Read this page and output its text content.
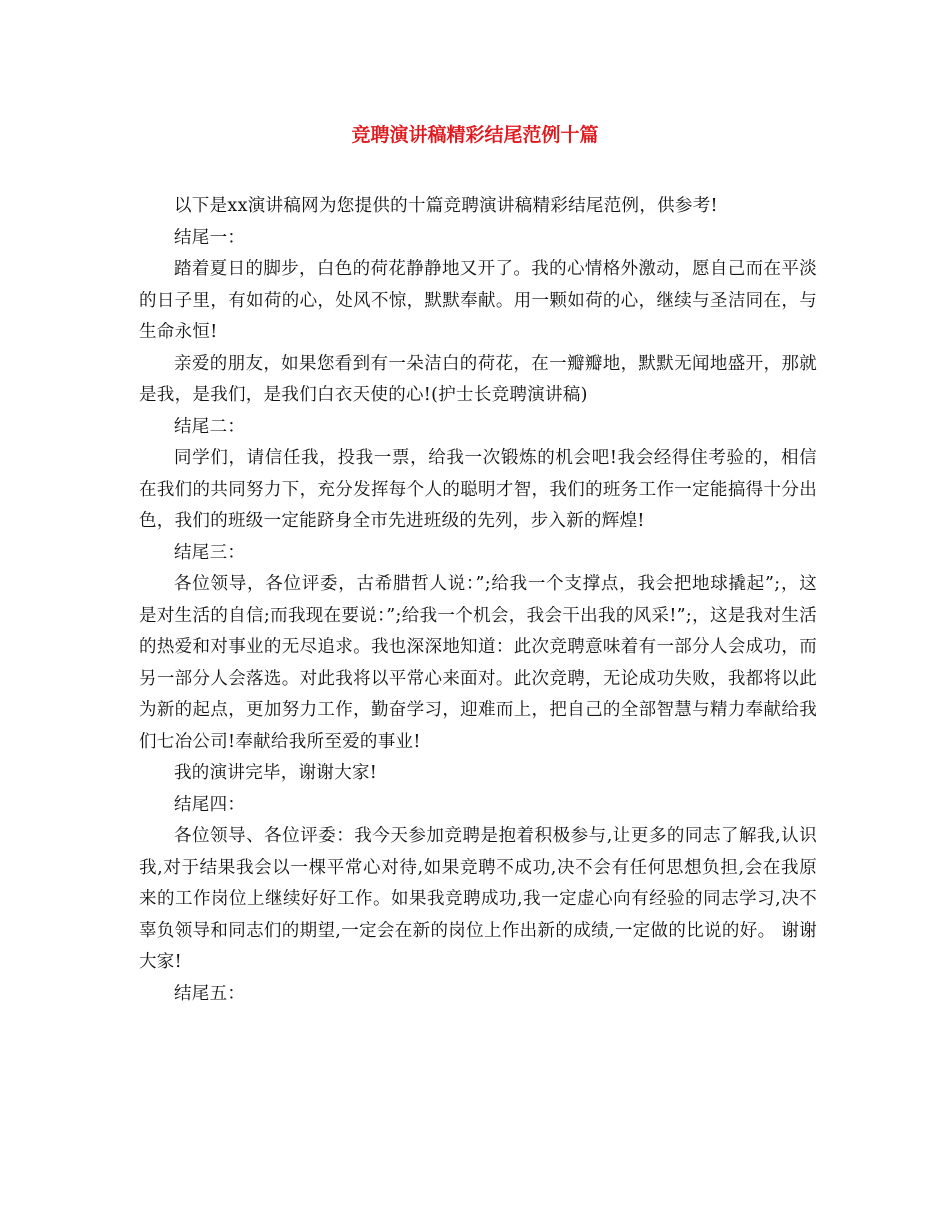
竞聘演讲稿精彩结尾范例十篇

以下是xx演讲稿网为您提供的十篇竞聘演讲稿精彩结尾范例，供参考!

结尾一：

踏着夏日的脚步，白色的荷花静静地又开了。我的心情格外激动，愿自己而在平淡的日子里，有如荷的心，处风不惊，默默奉献。用一颗如荷的心，继续与圣洁同在，与生命永恒!

亲爱的朋友，如果您看到有一朵洁白的荷花，在一瓣瓣地，默默无闻地盛开，那就是我，是我们，是我们白衣天使的心!(护士长竞聘演讲稿)

结尾二：

同学们，请信任我，投我一票，给我一次锻炼的机会吧!我会经得住考验的，相信在我们的共同努力下，充分发挥每个人的聪明才智，我们的班务工作一定能搞得十分出色，我们的班级一定能跻身全市先进班级的先列，步入新的辉煌!

结尾三：

各位领导，各位评委，古希腊哲人说：”;给我一个支撑点，我会把地球撬起”;，这是对生活的自信;而我现在要说：”;给我一个机会，我会干出我的风采!”;，这是我对生活的热爱和对事业的无尽追求。我也深深地知道：此次竞聘意味着有一部分人会成功，而另一部分人会落选。对此我将以平常心来面对。此次竞聘，无论成功失败，我都将以此为新的起点，更加努力工作，勤奋学习，迎难而上，把自己的全部智慧与精力奉献给我们七冶公司!奉献给我所至爱的事业!

我的演讲完毕，谢谢大家!

结尾四：

各位领导、各位评委：我今天参加竞聘是抱着积极参与,让更多的同志了解我,认识我,对于结果我会以一棵平常心对待,如果竞聘不成功,决不会有任何思想负担,会在我原来的工作岗位上继续好好工作。如果我竞聘成功,我一定虚心向有经验的同志学习,决不辜负领导和同志们的期望,一定会在新的岗位上作出新的成绩,一定做的比说的好。 谢谢大家!

结尾五：
